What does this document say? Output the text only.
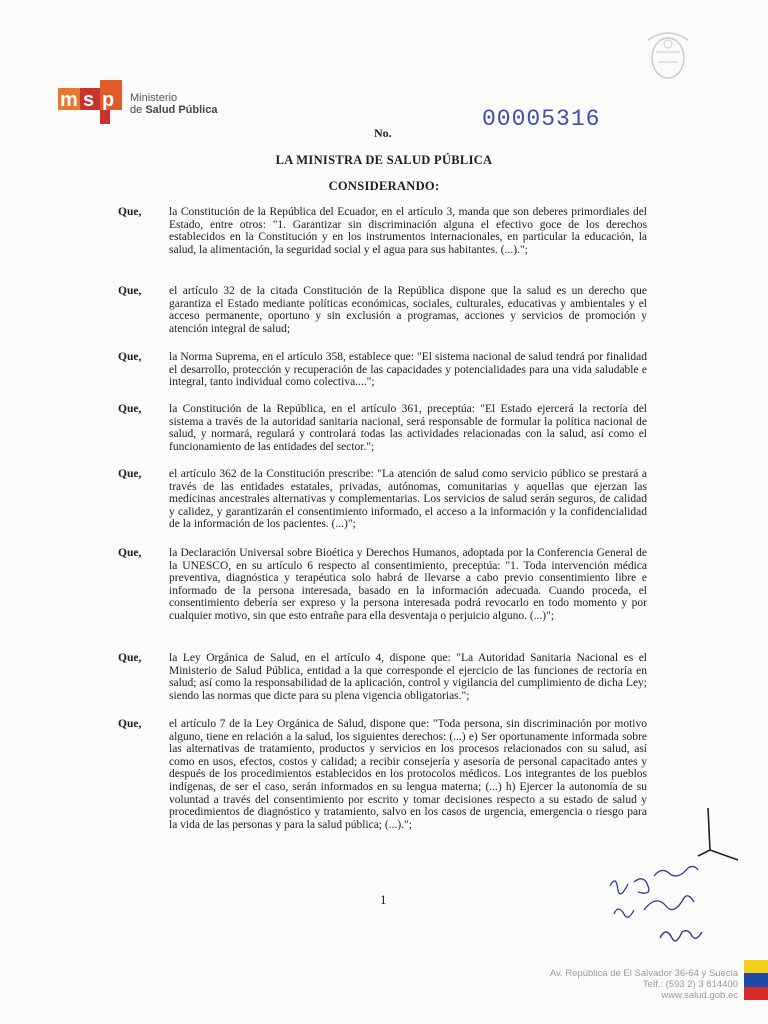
m s p Ministerio
de Salud Pública
No.
00005316
LA MINISTRA DE SALUD PÚBLICA
CONSIDERANDO:
Que, la Constitución de la República del Ecuador, en el artículo 3, manda que son deberes primordiales del Estado, entre otros: "1. Garantizar sin discriminación alguna el efectivo goce de los derechos establecidos en la Constitución y en los instrumentos internacionales, en particular la educación, la salud, la alimentación, la seguridad social y el agua para sus habitantes. (...).";
Que, el artículo 32 de la citada Constitución de la República dispone que la salud es un derecho que garantiza el Estado mediante políticas económicas, sociales, culturales, educativas y ambientales y el acceso permanente, oportuno y sin exclusión a programas, acciones y servicios de promoción y atención integral de salud;
Que, la Norma Suprema, en el artículo 358, establece que: "El sistema nacional de salud tendrá por finalidad el desarrollo, protección y recuperación de las capacidades y potencialidades para una vida saludable e integral, tanto individual como colectiva....";
Que, la Constitución de la República, en el artículo 361, preceptúa: "El Estado ejercerá la rectoría del sistema a través de la autoridad sanitaria nacional, será responsable de formular la política nacional de salud, y normará, regulará y controlará todas las actividades relacionadas con la salud, así como el funcionamiento de las entidades del sector.";
Que, el artículo 362 de la Constitución prescribe: "La atención de salud como servicio público se prestará a través de las entidades estatales, privadas, autónomas, comunitarias y aquellas que ejerzan las medicinas ancestrales alternativas y complementarias. Los servicios de salud serán seguros, de calidad y calidez, y garantizarán el consentimiento informado, el acceso a la información y la confidencialidad de la información de los pacientes. (...)";
Que, la Declaración Universal sobre Bioética y Derechos Humanos, adoptada por la Conferencia General de la UNESCO, en su artículo 6 respecto al consentimiento, preceptúa: "1. Toda intervención médica preventiva, diagnóstica y terapéutica solo habrá de llevarse a cabo previo consentimiento libre e informado de la persona interesada, basado en la información adecuada. Cuando proceda, el consentimiento debería ser expreso y la persona interesada podrá revocarlo en todo momento y por cualquier motivo, sin que esto entrañe para ella desventaja o perjuicio alguno. (...)";
Que, la Ley Orgánica de Salud, en el artículo 4, dispone que: "La Autoridad Sanitaria Nacional es el Ministerio de Salud Pública, entidad a la que corresponde el ejercicio de las funciones de rectoría en salud; así como la responsabilidad de la aplicación, control y vigilancia del cumplimiento de dicha Ley; siendo las normas que dicte para su plena vigencia obligatorias.";
Que, el artículo 7 de la Ley Orgánica de Salud, dispone que: "Toda persona, sin discriminación por motivo alguno, tiene en relación a la salud, los siguientes derechos: (...) e) Ser oportunamente informada sobre las alternativas de tratamiento, productos y servicios en los procesos relacionados con su salud, así como en usos, efectos, costos y calidad; a recibir consejería y asesoría de personal capacitado antes y después de los procedimientos establecidos en los protocolos médicos. Los integrantes de los pueblos indígenas, de ser el caso, serán informados en su lengua materna; (...) h) Ejercer la autonomía de su voluntad a través del consentimiento por escrito y tomar decisiones respecto a su estado de salud y procedimientos de diagnóstico y tratamiento, salvo en los casos de urgencia, emergencia o riesgo para la vida de las personas y para la salud pública; (...).";
1
Av. República de El Salvador 36-64 y Suecia
Telf.: (593 2) 3 814400
www.salud.gob.ec
